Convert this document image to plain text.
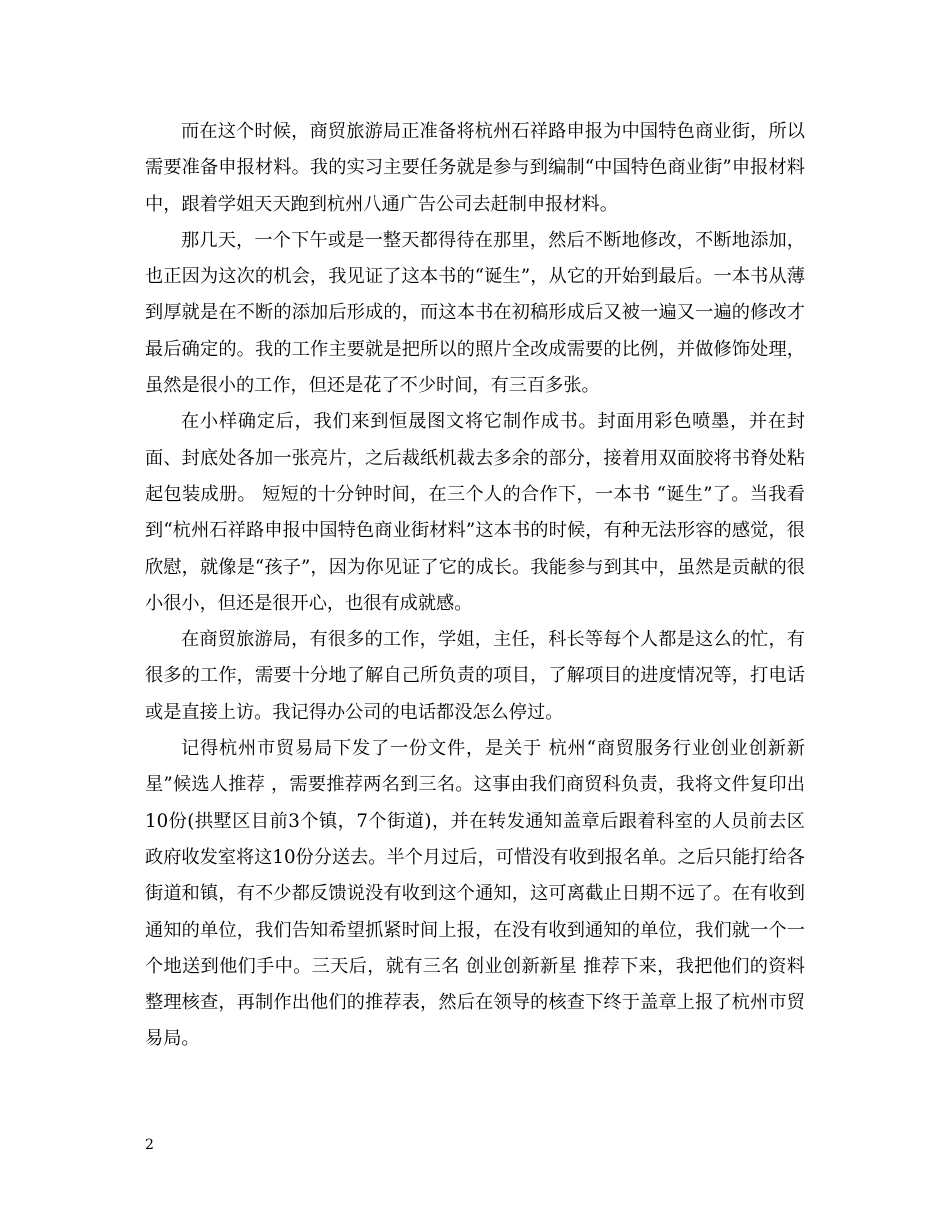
而在这个时候，商贸旅游局正准备将杭州石祥路申报为中国特色商业街，所以需要准备申报材料。我的实习主要任务就是参与到编制“中国特色商业街”申报材料中，跟着学姐天天跑到杭州八通广告公司去赶制申报材料。

那几天，一个下午或是一整天都得待在那里，然后不断地修改，不断地添加，也正因为这次的机会，我见证了这本书的“诞生”，从它的开始到最后。一本书从薄到厚就是在不断的添加后形成的，而这本书在初稿形成后又被一遍又一遍的修改才最后确定的。我的工作主要就是把所以的照片全改成需要的比例，并做修饰处理，虽然是很小的工作，但还是花了不少时间，有三百多张。

在小样确定后，我们来到恒晟图文将它制作成书。封面用彩色喷墨，并在封面、封底处各加一张亮片，之后裁纸机裁去多余的部分，接着用双面胶将书脊处粘起包装成册。 短短的十分钟时间，在三个人的合作下，一本书 “诞生”了。当我看到“杭州石祥路申报中国特色商业街材料”这本书的时候，有种无法形容的感觉，很欣慰，就像是“孩子”，因为你见证了它的成长。我能参与到其中，虽然是贡献的很小很小，但还是很开心，也很有成就感。

在商贸旅游局，有很多的工作，学姐，主任，科长等每个人都是这么的忙，有很多的工作，需要十分地了解自己所负责的项目，了解项目的进度情况等，打电话或是直接上访。我记得办公司的电话都没怎么停过。

记得杭州市贸易局下发了一份文件，是关于 杭州“商贸服务行业创业创新新星”候选人推荐 ，需要推荐两名到三名。这事由我们商贸科负责，我将文件复印出10份(拱墅区目前3个镇，7个街道)，并在转发通知盖章后跟着科室的人员前去区政府收发室将这10份分送去。半个月过后，可惜没有收到报名单。之后只能打给各街道和镇，有不少都反馈说没有收到这个通知，这可离截止日期不远了。在有收到通知的单位，我们告知希望抓紧时间上报，在没有收到通知的单位，我们就一个一个地送到他们手中。三天后，就有三名 创业创新新星 推荐下来，我把他们的资料整理核查，再制作出他们的推荐表，然后在领导的核查下终于盖章上报了杭州市贸易局。

2
